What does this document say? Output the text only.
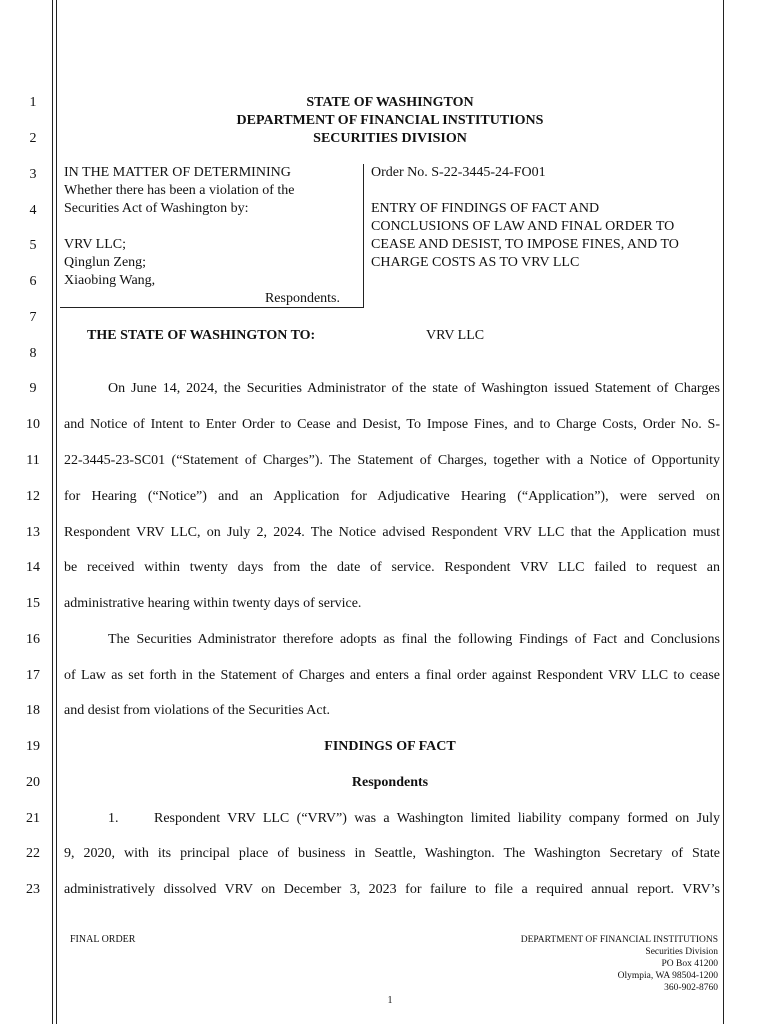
1
2
3
4
5
6
7
8
9
10
11
12
13
14
15
16
17
18
19
20
21
22
23
STATE OF WASHINGTON
DEPARTMENT OF FINANCIAL INSTITUTIONS
SECURITIES DIVISION
IN THE MATTER OF DETERMINING
Whether there has been a violation of the
Securities Act of Washington by:
VRV LLC;
Qinglun Zeng;
Xiaobing Wang,
Respondents.
Order No. S-22-3445-24-FO01
ENTRY OF FINDINGS OF FACT AND
CONCLUSIONS OF LAW AND FINAL ORDER TO
CEASE AND DESIST, TO IMPOSE FINES, AND TO
CHARGE COSTS AS TO VRV LLC
THE STATE OF WASHINGTON TO:	VRV LLC
On June 14, 2024, the Securities Administrator of the state of Washington issued Statement of Charges
and Notice of Intent to Enter Order to Cease and Desist, To Impose Fines, and to Charge Costs, Order No. S-
22-3445-23-SC01 (“Statement of Charges”). The Statement of Charges, together with a Notice of Opportunity
for Hearing (“Notice”) and an Application for Adjudicative Hearing (“Application”), were served on
Respondent VRV LLC, on July 2, 2024. The Notice advised Respondent VRV LLC that the Application must
be received within twenty days from the date of service. Respondent VRV LLC failed to request an
administrative hearing within twenty days of service.
The Securities Administrator therefore adopts as final the following Findings of Fact and Conclusions
of Law as set forth in the Statement of Charges and enters a final order against Respondent VRV LLC to cease
and desist from violations of the Securities Act.
FINDINGS OF FACT
Respondents
1.	Respondent VRV LLC (“VRV”) was a Washington limited liability company formed on July
9, 2020, with its principal place of business in Seattle, Washington. The Washington Secretary of State
administratively dissolved VRV on December 3, 2023 for failure to file a required annual report. VRV’s
FINAL ORDER	DEPARTMENT OF FINANCIAL INSTITUTIONS
Securities Division
PO Box 41200
Olympia, WA 98504-1200
360-902-8760
1
